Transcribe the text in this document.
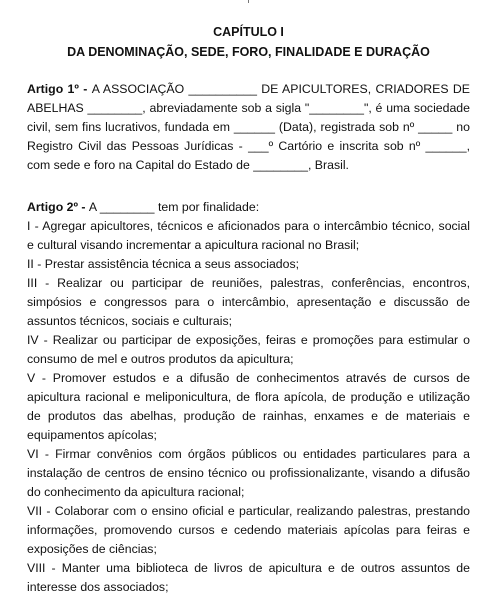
CAPÍTULO I
DA DENOMINAÇÃO, SEDE, FORO, FINALIDADE E DURAÇÃO
Artigo 1º - A ASSOCIAÇÃO __________ DE APICULTORES, CRIADORES DE ABELHAS ________, abreviadamente sob a sigla "________", é uma sociedade civil, sem fins lucrativos, fundada em ______ (Data), registrada sob nº _____ no Registro Civil das Pessoas Jurídicas - ___º Cartório e inscrita sob nº ______, com sede e foro na Capital do Estado de ________, Brasil.

Artigo 2º - A ________ tem por finalidade:

I - Agregar apicultores, técnicos e aficionados para o intercâmbio técnico, social e cultural visando incrementar a apicultura racional no Brasil;

II - Prestar assistência técnica a seus associados;

III - Realizar ou participar de reuniões, palestras, conferências, encontros, simpósios e congressos para o intercâmbio, apresentação e discussão de assuntos técnicos, sociais e culturais;

IV - Realizar ou participar de exposições, feiras e promoções para estimular o consumo de mel e outros produtos da apicultura;

V - Promover estudos e a difusão de conhecimentos através de cursos de apicultura racional e meliponicultura, de flora apícola, de produção e utilização de produtos das abelhas, produção de rainhas, enxames e de materiais e equipamentos apícolas;

VI - Firmar convênios com órgãos públicos ou entidades particulares para a instalação de centros de ensino técnico ou profissionalizante, visando a difusão do conhecimento da apicultura racional;

VII - Colaborar com o ensino oficial e particular, realizando palestras, prestando informações, promovendo cursos e cedendo materiais apícolas para feiras e exposições de ciências;

VIII - Manter uma biblioteca de livros de apicultura e de outros assuntos de interesse dos associados;
